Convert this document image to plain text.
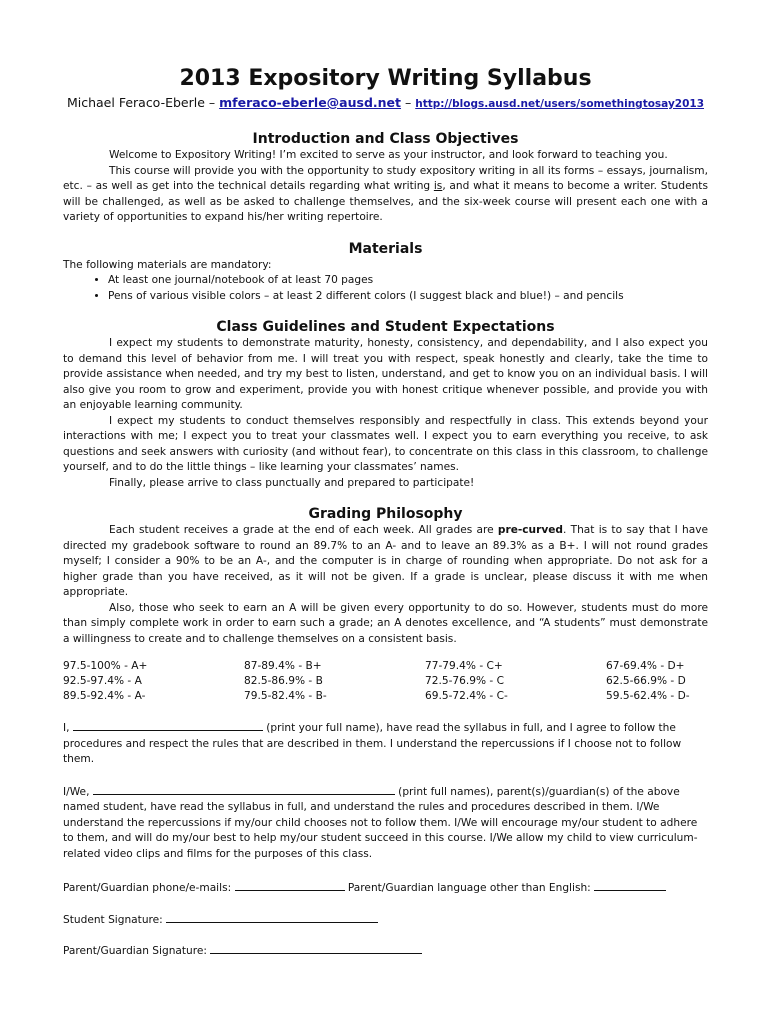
2013 Expository Writing Syllabus
Michael Feraco-Eberle – mferaco-eberle@ausd.net – http://blogs.ausd.net/users/somethingtosay2013
Introduction and Class Objectives

Welcome to Expository Writing! I’m excited to serve as your instructor, and look forward to teaching you.

This course will provide you with the opportunity to study expository writing in all its forms – essays, journalism, etc. – as well as get into the technical details regarding what writing is, and what it means to become a writer. Students will be challenged, as well as be asked to challenge themselves, and the six-week course will present each one with a variety of opportunities to expand his/her writing repertoire.

Materials

The following materials are mandatory:

• At least one journal/notebook of at least 70 pages
• Pens of various visible colors – at least 2 different colors (I suggest black and blue!) – and pencils
Class Guidelines and Student Expectations

I expect my students to demonstrate maturity, honesty, consistency, and dependability, and I also expect you to demand this level of behavior from me. I will treat you with respect, speak honestly and clearly, take the time to provide assistance when needed, and try my best to listen, understand, and get to know you on an individual basis. I will also give you room to grow and experiment, provide you with honest critique whenever possible, and provide you with an enjoyable learning community.

I expect my students to conduct themselves responsibly and respectfully in class. This extends beyond your interactions with me; I expect you to treat your classmates well. I expect you to earn everything you receive, to ask questions and seek answers with curiosity (and without fear), to concentrate on this class in this classroom, to challenge yourself, and to do the little things – like learning your classmates’ names.

Finally, please arrive to class punctually and prepared to participate!

Grading Philosophy

Each student receives a grade at the end of each week. All grades are pre-curved. That is to say that I have directed my gradebook software to round an 89.7% to an A- and to leave an 89.3% as a B+. I will not round grades myself; I consider a 90% to be an A-, and the computer is in charge of rounding when appropriate. Do not ask for a higher grade than you have received, as it will not be given. If a grade is unclear, please discuss it with me when appropriate.

Also, those who seek to earn an A will be given every opportunity to do so. However, students must do more than simply complete work in order to earn such a grade; an A denotes excellence, and “A students” must demonstrate a willingness to create and to challenge themselves on a consistent basis.

97.5-100% - A+	87-89.4% - B+	77-79.4% - C+	67-69.4% - D+
92.5-97.4% - A	82.5-86.9% - B	72.5-76.9% - C	62.5-66.9% - D
89.5-92.4% - A-	79.5-82.4% - B-	69.5-72.4% - C-	59.5-62.4% - D-

I,	(print your full name), have read the syllabus in full, and I agree to follow the procedures and respect the rules that are described in them. I understand the repercussions if I choose not to follow them.

I/We,	(print full names), parent(s)/guardian(s) of the above named student, have read the syllabus in full, and understand the rules and procedures described in them. I/We understand the repercussions if my/our child chooses not to follow them. I/We will encourage my/our student to adhere to them, and will do my/our best to help my/our student succeed in this course. I/We allow my child to view curriculum-related video clips and films for the purposes of this class.

Parent/Guardian phone/e-mails:	Parent/Guardian language other than English:

Student Signature:

Parent/Guardian Signature:
